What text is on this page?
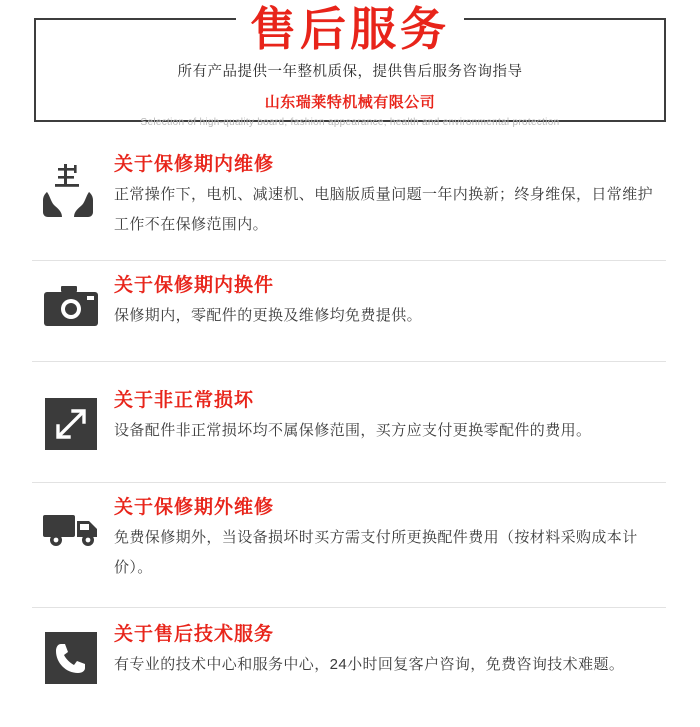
售后服务
所有产品提供一年整机质保，提供售后服务咨询指导
山东瑞莱特机械有限公司
Selection of high-quality board, fashion appearance, health and environmental protection
关于保修期内维修
正常操作下，电机、减速机、电脑版质量问题一年内换新；终身维保，日常维护工作不在保修范围内。
关于保修期内换件
保修期内，零配件的更换及维修均免费提供。
关于非正常损坏
设备配件非正常损坏均不属保修范围，买方应支付更换零配件的费用。
关于保修期外维修
免费保修期外，当设备损坏时买方需支付所更换配件费用（按材料采购成本计价）。
关于售后技术服务
有专业的技术中心和服务中心，24小时回复客户咨询，免费咨询技术难题。
